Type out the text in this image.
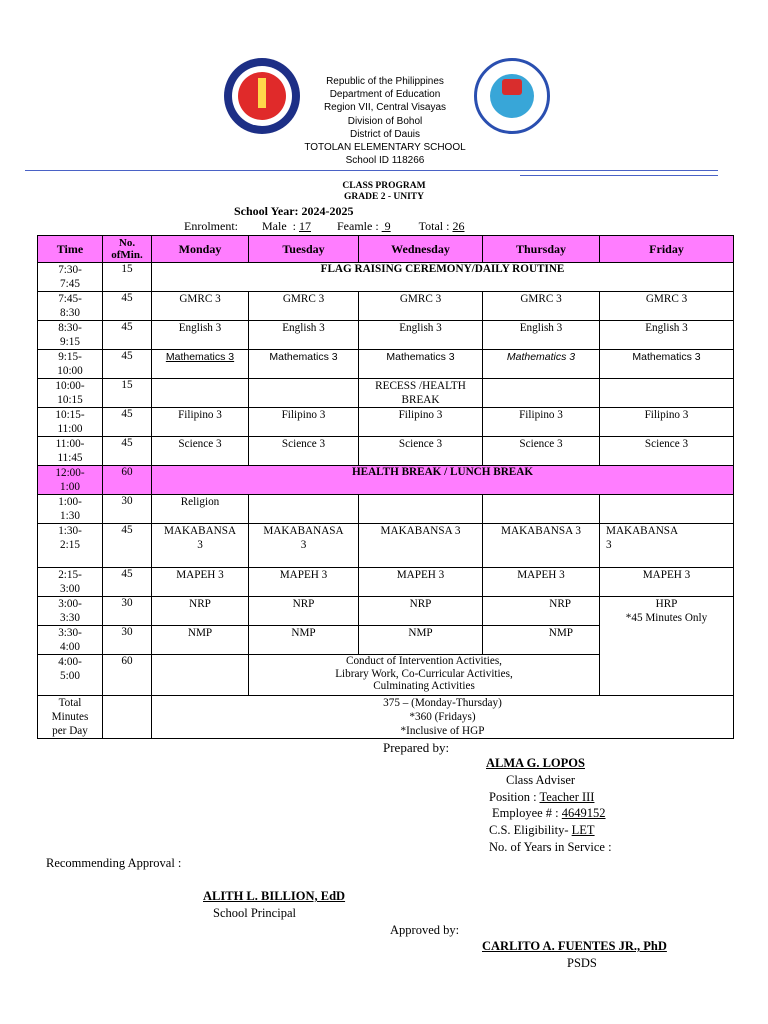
Republic of the Philippines
Department of Education
Region VII, Central Visayas
Division of Bohol
District of Dauis
TOTOLAN ELEMENTARY SCHOOL
School ID 118266
CLASS PROGRAM
GRADE 2 - UNITY
School Year: 2024-2025
Enrolment: Male  : 17 Feamle :  9 Total : 26
Time	No. ofMin.	Monday	Tuesday	Wednesday	Thursday	Friday
7:30-
7:45	15	FLAG RAISING CEREMONY/DAILY ROUTINE				
7:45-
8:30	45	GMRC 3	GMRC 3	GMRC 3	GMRC 3	GMRC 3
8:30-
9:15	45	English 3	English 3	English 3	English 3	English 3
9:15-
10:00	45	Mathematics 3	Mathematics 3	Mathematics 3	Mathematics 3	Mathematics 3
10:00-
10:15	15			RECESS /HEALTH
BREAK		
10:15-
11:00	45	Filipino 3	Filipino 3	Filipino 3	Filipino 3	Filipino 3
11:00-
11:45	45	Science 3	Science 3	Science 3	Science 3	Science 3
12:00-
1:00	60	HEALTH BREAK / LUNCH BREAK				
1:00-
1:30	30	Religion				
1:30-
2:15	45	MAKABANSA
3	MAKABANASA
3	MAKABANSA 3	MAKABANSA 3	MAKABANSA
3
2:15-
3:00	45	MAPEH 3	MAPEH 3	MAPEH 3	MAPEH 3	MAPEH 3
3:00-
3:30	30	NRP	NRP	NRP	NRP	HRP
*45 Minutes Only
3:30-
4:00	30	NMP	NMP	NMP	NMP	
4:00-
5:00	60		Conduct of Intervention Activities,
Library Work, Co-Curricular Activities,
Culminating Activities			
Total
Minutes
per Day		375 – (Monday-Thursday)
*360 (Fridays)
*Inclusive of HGP				
Prepared by:
ALMA G. LOPOS
Class Adviser
Position : Teacher III
Employee # : 4649152
C.S. Eligibility- LET
No. of Years in Service :
Recommending Approval :
ALITH L. BILLION, EdD
School Principal
Approved by:
CARLITO A. FUENTES JR., PhD
PSDS
